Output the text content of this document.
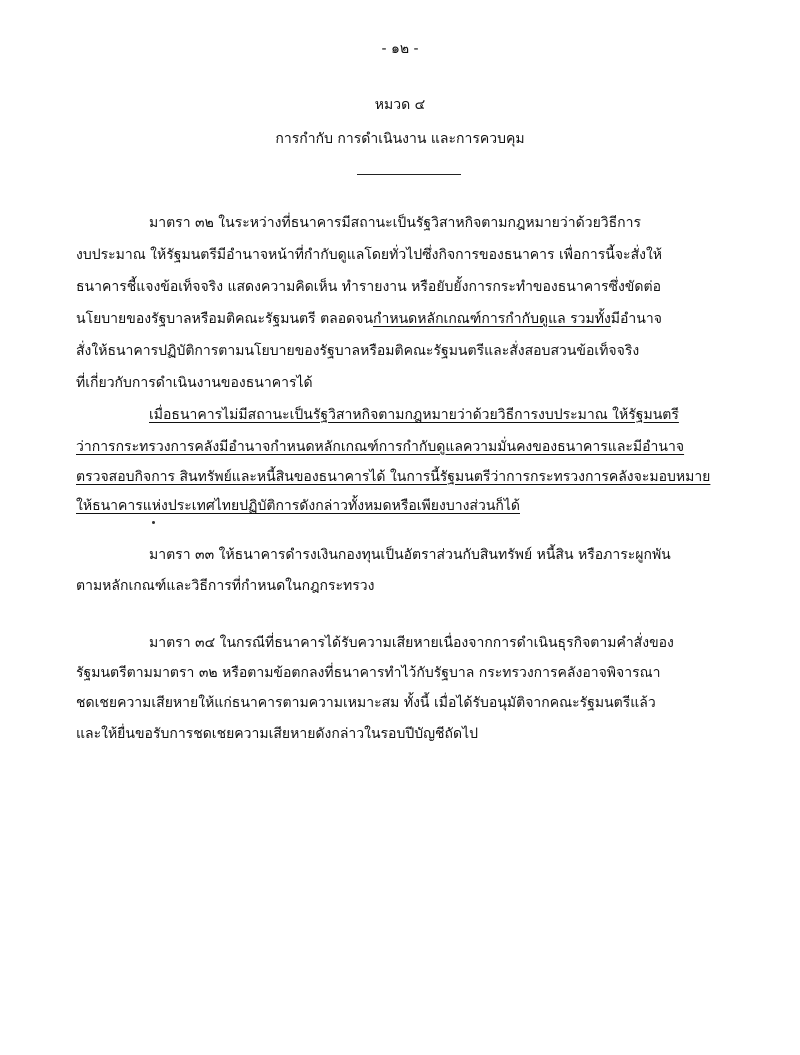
- ๑๒ -
หมวด ๔
การกำกับ การดำเนินงาน และการควบคุม
มาตรา ๓๒ ในระหว่างที่ธนาคารมีสถานะเป็นรัฐวิสาหกิจตามกฎหมายว่าด้วยวิธีการ
งบประมาณ ให้รัฐมนตรีมีอำนาจหน้าที่กำกับดูแลโดยทั่วไปซึ่งกิจการของธนาคาร เพื่อการนี้จะสั่งให้
ธนาคารชี้แจงข้อเท็จจริง แสดงความคิดเห็น ทำรายงาน หรือยับยั้งการกระทำของธนาคารซึ่งขัดต่อ
นโยบายของรัฐบาลหรือมติคณะรัฐมนตรี ตลอดจนกำหนดหลักเกณฑ์การกำกับดูแล รวมทั้งมีอำนาจ
สั่งให้ธนาคารปฏิบัติการตามนโยบายของรัฐบาลหรือมติคณะรัฐมนตรีและสั่งสอบสวนข้อเท็จจริง
ที่เกี่ยวกับการดำเนินงานของธนาคารได้
เมื่อธนาคารไม่มีสถานะเป็นรัฐวิสาหกิจตามกฎหมายว่าด้วยวิธีการงบประมาณ ให้รัฐมนตรี
ว่าการกระทรวงการคลังมีอำนาจกำหนดหลักเกณฑ์การกำกับดูแลความมั่นคงของธนาคารและมีอำนาจ
ตรวจสอบกิจการ สินทรัพย์และหนี้สินของธนาคารได้ ในการนี้รัฐมนตรีว่าการกระทรวงการคลังจะมอบหมาย
ให้ธนาคารแห่งประเทศไทยปฏิบัติการดังกล่าวทั้งหมดหรือเพียงบางส่วนก็ได้
มาตรา ๓๓ ให้ธนาคารดำรงเงินกองทุนเป็นอัตราส่วนกับสินทรัพย์ หนี้สิน หรือภาระผูกพัน
ตามหลักเกณฑ์และวิธีการที่กำหนดในกฎกระทรวง
มาตรา ๓๔ ในกรณีที่ธนาคารได้รับความเสียหายเนื่องจากการดำเนินธุรกิจตามคำสั่งของ
รัฐมนตรีตามมาตรา ๓๒ หรือตามข้อตกลงที่ธนาคารทำไว้กับรัฐบาล กระทรวงการคลังอาจพิจารณา
ชดเชยความเสียหายให้แก่ธนาคารตามความเหมาะสม ทั้งนี้ เมื่อได้รับอนุมัติจากคณะรัฐมนตรีแล้ว
และให้ยื่นขอรับการชดเชยความเสียหายดังกล่าวในรอบปีบัญชีถัดไป
